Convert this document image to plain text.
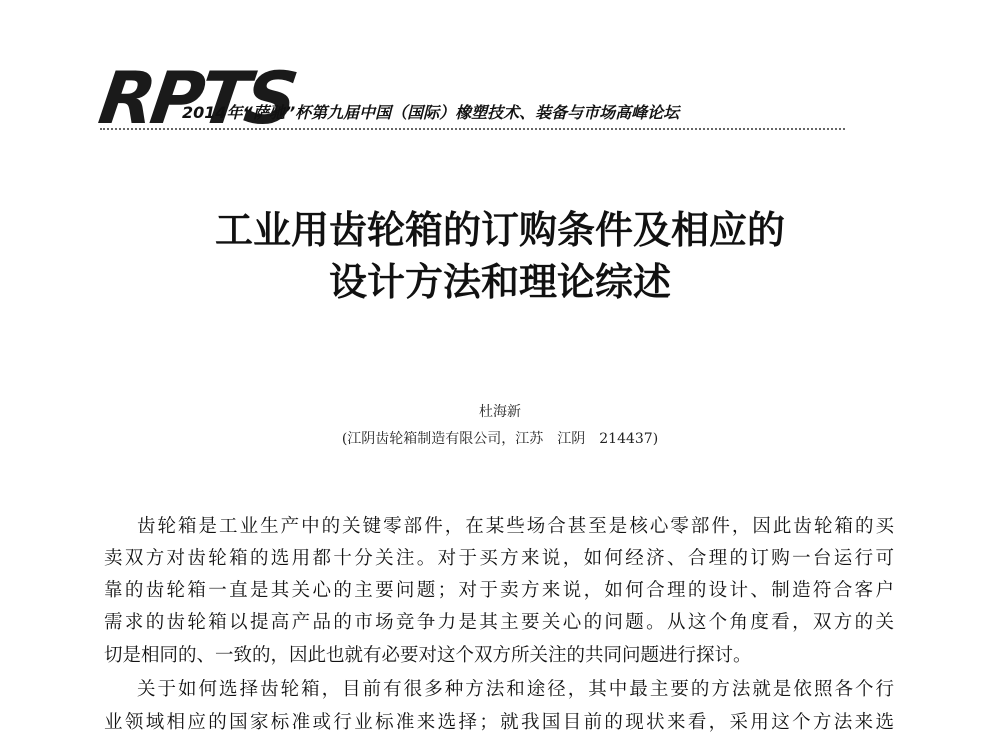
RPTS
2014年“萨驰”杯第九届中国（国际）橡塑技术、装备与市场高峰论坛
工业用齿轮箱的订购条件及相应的
设计方法和理论综述
杜海新
(江阴齿轮箱制造有限公司，江苏　江阴　214437)
齿轮箱是工业生产中的关键零部件，在某些场合甚至是核心零部件，因此齿轮箱的买
卖双方对齿轮箱的选用都十分关注。对于买方来说，如何经济、合理的订购一台运行可
靠的齿轮箱一直是其关心的主要问题；对于卖方来说，如何合理的设计、制造符合客户
需求的齿轮箱以提高产品的市场竞争力是其主要关心的问题。从这个角度看，双方的关
切是相同的、一致的，因此也就有必要对这个双方所关注的共同问题进行探讨。
关于如何选择齿轮箱，目前有很多种方法和途径，其中最主要的方法就是依照各个行
业领域相应的国家标准或行业标准来选择；就我国目前的现状来看，采用这个方法来选
